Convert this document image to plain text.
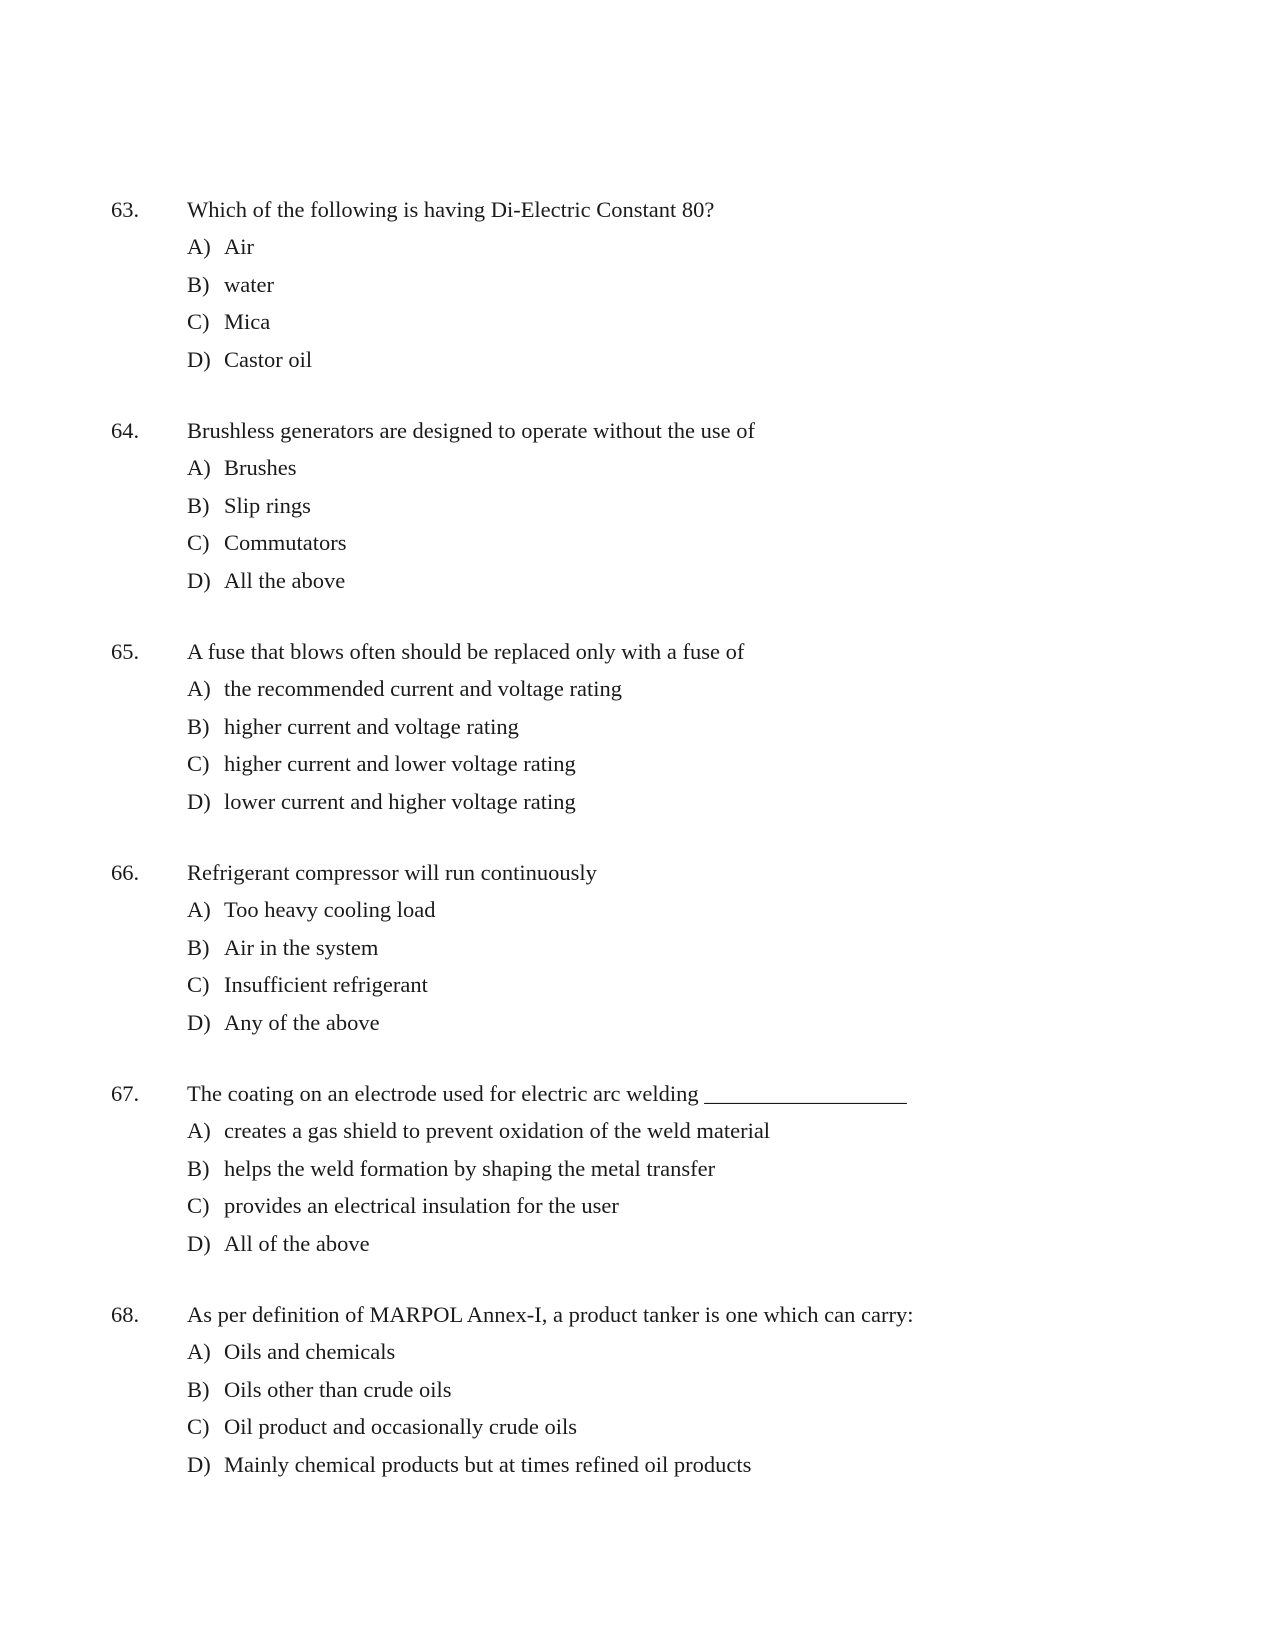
63. Which of the following is having Di-Electric Constant 80?
A) Air
B) water
C) Mica
D) Castor oil
64. Brushless generators are designed to operate without the use of
A) Brushes
B) Slip rings
C) Commutators
D) All the above
65. A fuse that blows often should be replaced only with a fuse of
A) the recommended current and voltage rating
B) higher current and voltage rating
C) higher current and lower voltage rating
D) lower current and higher voltage rating
66. Refrigerant compressor will run continuously
A) Too heavy cooling load
B) Air in the system
C) Insufficient refrigerant
D) Any of the above
67. The coating on an electrode used for electric arc welding __________________
A) creates a gas shield to prevent oxidation of the weld material
B) helps the weld formation by shaping the metal transfer
C) provides an electrical insulation for the user
D) All of the above
68. As per definition of MARPOL Annex-I, a product tanker is one which can carry:
A) Oils and chemicals
B) Oils other than crude oils
C) Oil product and occasionally crude oils
D) Mainly chemical products but at times refined oil products
